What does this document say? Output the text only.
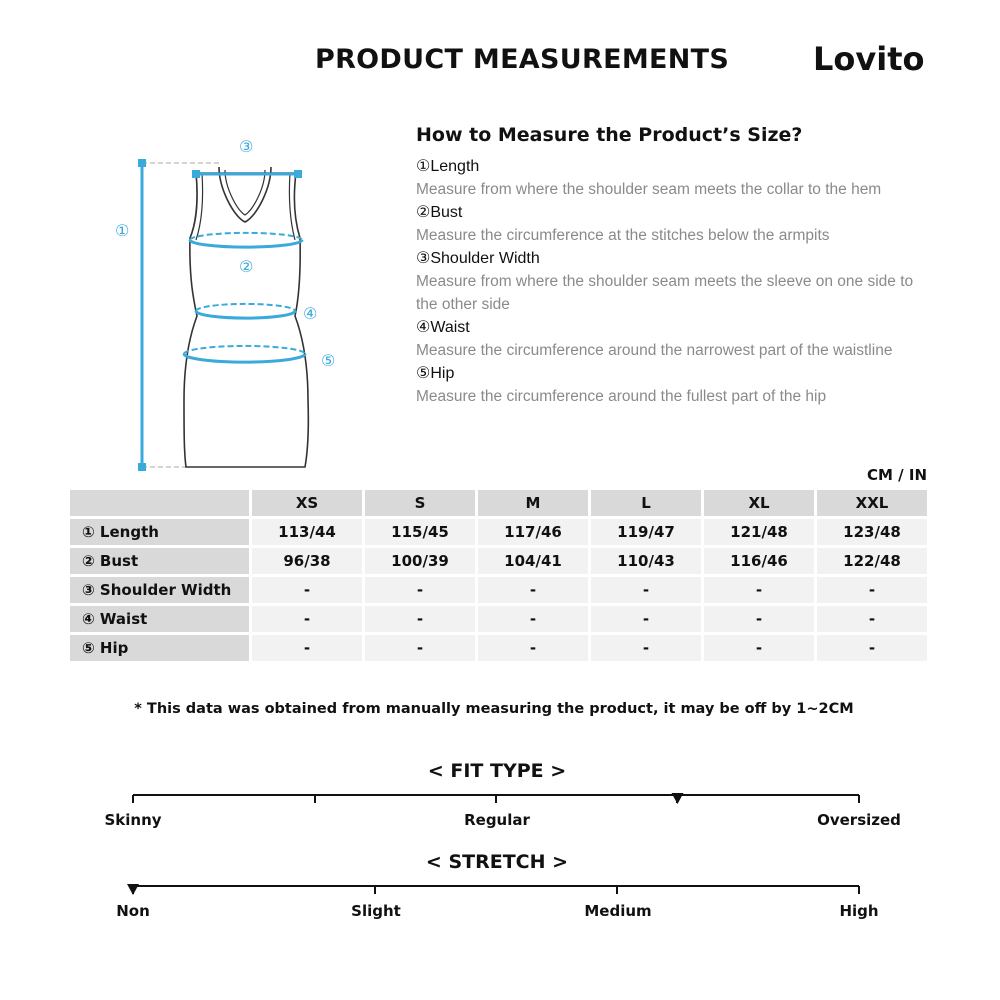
PRODUCT MEASUREMENTS	Lovito
①
②
③
④
⑤
How to Measure the Product’s Size?
①Length
Measure from where the shoulder seam meets the collar to the hem
②Bust
Measure the circumference at the stitches below the armpits
③Shoulder Width
Measure from where the shoulder seam meets the sleeve on one side to the other side
④Waist
Measure the circumference around the narrowest part of the waistline
⑤Hip
Measure the circumference around the fullest part of the hip
CM / IN
	XS	S	M	L	XL	XXL
① Length	113/44	115/45	117/46	119/47	121/48	123/48
② Bust	96/38	100/39	104/41	110/43	116/46	122/48
③ Shoulder Width	-	-	-	-	-	-
④ Waist	-	-	-	-	-	-
⑤ Hip	-	-	-	-	-	-
* This data was obtained from manually measuring the product, it may be off by 1~2CM
< FIT TYPE >
Skinny	Regular	Oversized
< STRETCH >
Non	Slight	Medium	High
